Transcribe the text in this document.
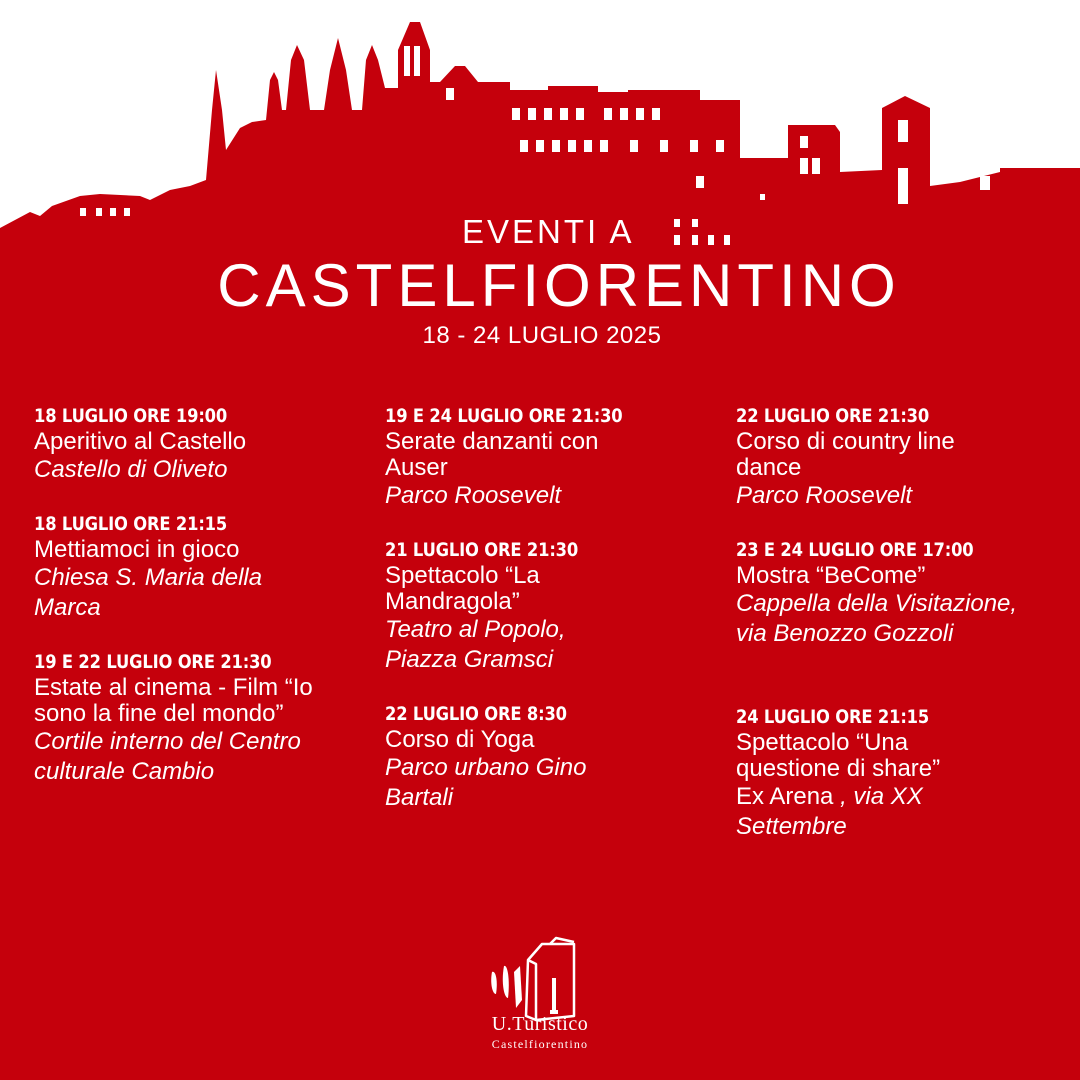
EVENTI A
CASTELFIORENTINO
18 - 24 LUGLIO 2025
18 LUGLIO ORE 19:00
Aperitivo al Castello
Castello di Oliveto
18 LUGLIO ORE 21:15
Mettiamoci in gioco
Chiesa S. Maria della Marca
19 E 22 LUGLIO ORE 21:30
Estate al cinema - Film “Io sono la fine del mondo”
Cortile interno del Centro culturale Cambio
19 E 24 LUGLIO ORE 21:30
Serate danzanti con Auser
Parco Roosevelt
21 LUGLIO ORE 21:30
Spettacolo “La Mandragola”
Teatro al Popolo, Piazza Gramsci
22 LUGLIO ORE 8:30
Corso di Yoga
Parco urbano Gino Bartali
22 LUGLIO ORE 21:30
Corso di country line dance
Parco Roosevelt
23 E 24 LUGLIO ORE 17:00
Mostra “BeCome”
Cappella della Visitazione, via Benozzo Gozzoli
24 LUGLIO ORE 21:15
Spettacolo “Una questione di share”
Ex Arena , via XX Settembre
U.Turistico
Castelfiorentino
